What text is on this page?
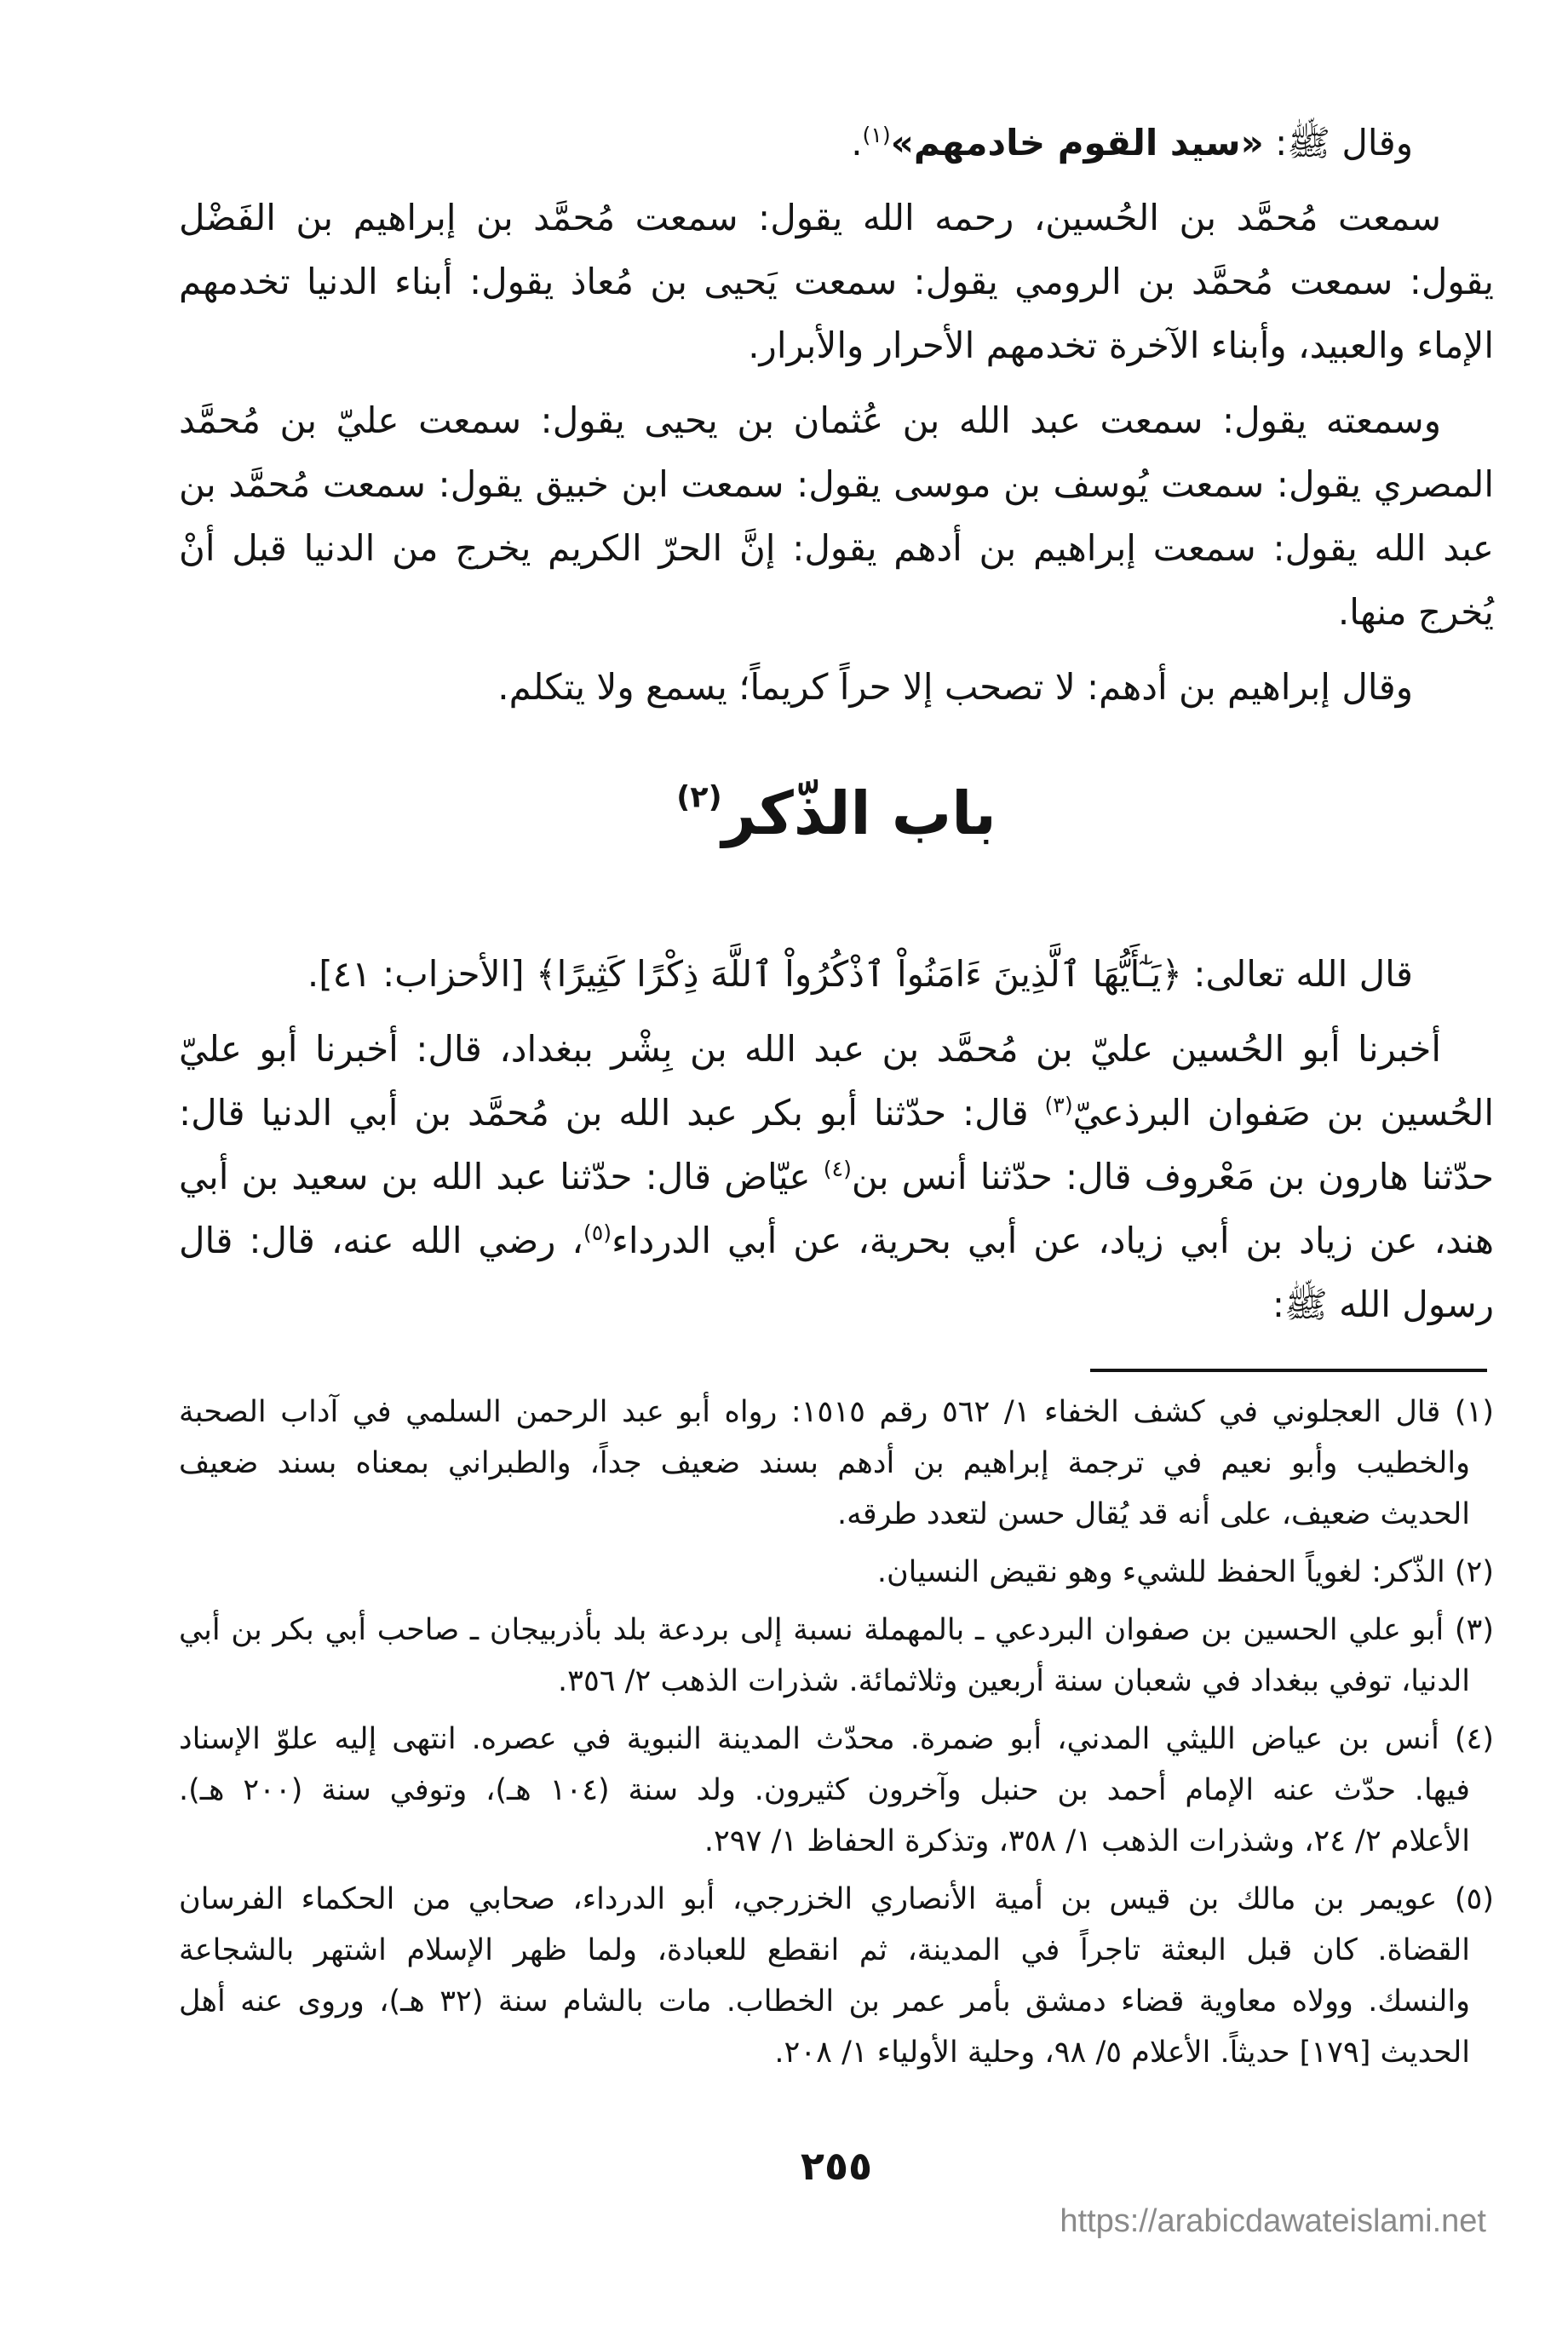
وقال ﷺ: «سيد القوم خادمهم»$^{(١)}$.
سمعت مُحمَّد بن الحُسين، رحمه الله يقول: سمعت مُحمَّد بن إبراهيم بن الفَضْل
يقول: سمعت مُحمَّد بن الرومي يقول: سمعت يَحيى بن مُعاذ يقول: أبناء الدنيا تخدمهم
الإماء والعبيد، وأبناء الآخرة تخدمهم الأحرار والأبرار.
وسمعته يقول: سمعت عبد الله بن عُثمان بن يحيى يقول: سمعت عليّ بن مُحمَّد
المصري يقول: سمعت يُوسف بن موسى يقول: سمعت ابن خبيق يقول: سمعت مُحمَّد بن
عبد الله يقول: سمعت إبراهيم بن أدهم يقول: إنَّ الحرّ الكريم يخرج من الدنيا قبل أنْ
يُخرج منها.
وقال إبراهيم بن أدهم: لا تصحب إلا حراً كريماً؛ يسمع ولا يتكلم.
باب الذّكر$^{(٢)}$
قال الله تعالى: ﴿يَـٰٓأَيُّهَا ٱلَّذِينَ ءَامَنُواْ ٱذْكُرُواْ ٱللَّهَ ذِكْرًا كَثِيرًا﴾ [الأحزاب: ٤١].
أخبرنا أبو الحُسين عليّ بن مُحمَّد بن عبد الله بن بِشْر ببغداد، قال: أخبرنا أبو عليّ
الحُسين بن صَفوان البرذعيّ$^{(٣)}$ قال: حدّثنا أبو بكر عبد الله بن مُحمَّد بن أبي الدنيا قال:
حدّثنا هارون بن مَعْروف قال: حدّثنا أنس بن$^{(٤)}$ عيّاض قال: حدّثنا عبد الله بن سعيد بن أبي
هند، عن زياد بن أبي زياد، عن أبي بحرية، عن أبي الدرداء$^{(٥)}$، رضي الله عنه، قال: قال
رسول الله ﷺ:
(١) قال العجلوني في كشف الخفاء ١/ ٥٦٢ رقم ١٥١٥: رواه أبو عبد الرحمن السلمي في آداب الصحبة
والخطيب وأبو نعيم في ترجمة إبراهيم بن أدهم بسند ضعيف جداً، والطبراني بمعناه بسند ضعيف
الحديث ضعيف، على أنه قد يُقال حسن لتعدد طرقه.
(٢) الذّكر: لغوياً الحفظ للشيء وهو نقيض النسيان.
(٣) أبو علي الحسين بن صفوان البردعي ـ بالمهملة نسبة إلى بردعة بلد بأذربيجان ـ صاحب أبي بكر بن أبي
الدنيا، توفي ببغداد في شعبان سنة أربعين وثلاثمائة. شذرات الذهب ٢/ ٣٥٦.
(٤) أنس بن عياض الليثي المدني، أبو ضمرة. محدّث المدينة النبوية في عصره. انتهى إليه علوّ الإسناد
فيها. حدّث عنه الإمام أحمد بن حنبل وآخرون كثيرون. ولد سنة (١٠٤ هـ)، وتوفي سنة (٢٠٠ هـ).
الأعلام ٢/ ٢٤، وشذرات الذهب ١/ ٣٥٨، وتذكرة الحفاظ ١/ ٢٩٧.
(٥) عويمر بن مالك بن قيس بن أمية الأنصاري الخزرجي، أبو الدرداء، صحابي من الحكماء الفرسان
القضاة. كان قبل البعثة تاجراً في المدينة، ثم انقطع للعبادة، ولما ظهر الإسلام اشتهر بالشجاعة
والنسك. وولاه معاوية قضاء دمشق بأمر عمر بن الخطاب. مات بالشام سنة (٣٢ هـ)، وروى عنه أهل
الحديث [١٧٩] حديثاً. الأعلام ٥/ ٩٨، وحلية الأولياء ١/ ٢٠٨.
٢٥٥
https://arabicdawateislami.net
